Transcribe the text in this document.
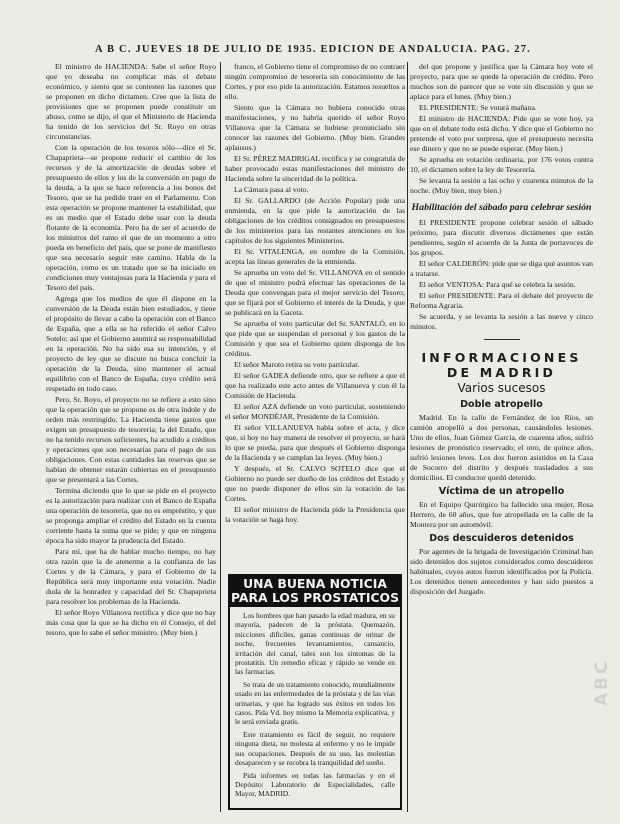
A B C. JUEVES 18 DE JULIO DE 1935. EDICION DE ANDALUCIA. PAG. 27.

El ministro de HACIENDA: Sabe el señor Royo que yo deseaba no complicar más el debate económico, y siento que se contesten las razones que se proponen en dicho dictamen. Cree que la lista de provisiones que se proponen puede constituir un abuso, como se dijo, el que el Ministerio de Hacienda ha tenido de los servicios del Sr. Royo en otras circunstancias.

Con la operación de los tesoros sólo—dice el Sr. Chapaprieta—se propone reducir el cambio de los recursos y de la amortización de deudas sobre el presupuesto de ellos y los de la conversión en pago de la deuda, a la que se hace referencia a los bonos del Tesoro, que se ha pedido traer en el Parlamento. Con esta operación se propone mantener la estabilidad, que es un medio que el Estado debe usar con la deuda flotante de la economía. Pero ha de ser el acuerdo de los ministros del ramo el que de un momento a otro pueda en beneficio del país, que se pone de manifiesto que sea necesario seguir este camino. Habla de la operación, como es un tratado que se ha iniciado en condiciones muy ventajosas para la Hacienda y para el Tesoro del país.

Agrega que los medios de que él dispone en la conversión de la Deuda están bien estudiados, y tiene el propósito de llevar a cabo la operación con el Banco de España, que a ella se ha referido el señor Calvo Sotelo; así que el Gobierno asumirá su responsabilidad en la operación. No ha sido esa su intención, y el proyecto de ley que se discute no busca concluir la operación de la Deuda, sino mantener el actual equilibrio con el Banco de España, cuyo crédito será respetado en todo caso.

Pero, Sr. Royo, el proyecto no se refiere a esto sino que la operación que se propone es de otra índole y de orden más restringido. La Hacienda tiene gastos que exigen un presupuesto de tesorería; la del Estado, que no ha tenido recursos suficientes, ha acudido a créditos y operaciones que son necesarias para el pago de sus obligaciones. Con estas cantidades las reservas que se habían de obtener estarán cubiertas en el presupuesto que se presentará a las Cortes.

Termina diciendo que lo que se pide en el proyecto es la autorización para realizar con el Banco de España una operación de tesorería, que no es empréstito, y que se proponga ampliar el crédito del Estado en la cuenta corriente hasta la suma que se pide; y que en ninguna época ha sido mayor la prudencia del Estado.

Para mí, que ha de hablar mucho tiempo, no hay otra razón que la de atenerme a la confianza de las Cortes y de la Cámara, y para el Gobierno de la República será muy importante esta votación. Nadie duda de la honradez y capacidad del Sr. Chapaprieta para resolver los problemas de la Hacienda.

El señor Royo Villanova rectifica y dice que no hay más cosa que la que se ha dicho en el Consejo, el del tesoro, que lo sabe el señor ministro. (Muy bien.)

franco, el Gobierno tiene el compromiso de no contraer ningún compromiso de tesorería sin conocimiento de las Cortes, y por eso pide la autorización. Estamos resueltos a ello.

Siento que la Cámara no hubiera conocido otras manifestaciones, y no habría querido el señor Royo Villanova que la Cámara se hubiese pronunciado sin conocer las razones del Gobierno. (Muy bien. Grandes aplausos.)

El Sr. PÉREZ MADRIGAL rectifica y se congratula de haber provocado estas manifestaciones del ministro de Hacienda sobre la sinceridad de la política.

La Cámara pasa al voto.

El Sr. GALLARDO (de Acción Popular) pide una enmienda, en la que pide la autorización de las obligaciones de los créditos consignados en presupuestos de los ministerios para las restantes atenciones en los capítulos de los siguientes Ministerios.

El Sr. VITALENGA, en nombre de la Comisión, acepta las líneas generales de la enmienda.

Se aprueba un voto del Sr. VILLANOVA en el sentido de que el ministro podrá efectuar las operaciones de la Deuda que convengan para el mejor servicio del Tesoro; que se fijará por el Gobierno el interés de la Deuda, y que se publicará en la Gaceta.

Se aprueba el voto particular del Sr. SANTALÓ, en lo que pide que se suspendan el personal y los gastos de la Comisión y que sea el Gobierno quien disponga de los créditos.

El señor Maroto retira su voto particular.

El señor GADEA defiende otro, que se refiere a que el que ha realizado este acto antes de Villanueva y con él la Comisión de Hacienda.

El señor AZA defiende un voto particular, sosteniendo el señor MONDÉJAR, Presidente de la Comisión.

El señor VILLANUEVA habla sobre el acta, y dice que, si hoy no hay manera de resolver el proyecto, se hará lo que se pueda, para que después el Gobierno disponga de la Hacienda y se cumplan las leyes. (Muy bien.)

Y después, el Sr. CALVO SOTELO dice que el Gobierno no puede ser dueño de los créditos del Estado y que no puede disponer de ellos sin la votación de las Cortes.

El señor ministro de Hacienda pide la Presidencia que la votación se haga hoy.

UNA BUENA NOTICIA PARA LOS PROSTATICOS

Los hombres que han pasado la edad madura, en su mayoría, padecen de la próstata. Quemazón, micciones difíciles, ganas continuas de orinar de noche, frecuentes levantamientos, cansancio, irritación del canal, tales son los síntomas de la prostatitis. Un remedio eficaz y rápido se vende en las farmacias.

Se trata de un tratamiento conocido, mundialmente usado en las enfermedades de la próstata y de las vías urinarias, y que ha logrado sus éxitos en todos los casos. Pida Vd. hoy mismo la Memoria explicativa, y le será enviada gratis.

Este tratamiento es fácil de seguir, no requiere ninguna dieta, no molesta al enfermo y no le impide sus ocupaciones. Después de su uso, las molestias desaparecen y se recobra la tranquilidad del sueño.

Pida informes en todas las farmacias y en el Depósito: Laboratorio de Especialidades, calle Mayor, MADRID.

del que propone y justifica que la Cámara hoy vote el proyecto, para que se quede la operación de crédito. Pero muchos son de parecer que se vote sin discusión y que se aplace para el lunes. (Muy bien.)

EL PRESIDENTE: Se votará mañana.

El ministro de HACIENDA: Pide que se vote hoy, ya que en el debate todo está dicho. Y dice que el Gobierno no pretende el voto por sorpresa, que el presupuesto necesita ese dinero y que no se puede esperar. (Muy bien.)

Se aprueba en votación ordinaria, por 176 votos contra 10, el dictamen sobre la ley de Tesorería.

Se levanta la sesión a las ocho y cuarenta minutos de la noche. (Muy bien, muy bien.)

Habilitación del sábado para celebrar sesión

El PRESIDENTE propone celebrar sesión el sábado próximo, para discutir diversos dictámenes que están pendientes, según el acuerdo de la Junta de portavoces de los grupos.

El señor CALDERÓN: pide que se diga qué asuntos van a tratarse.

El señor VENTOSA: Para qué se celebra la sesión.

El señor PRESIDENTE: Para el debate del proyecto de Reforma Agraria.

Se acuerda, y se levanta la sesión a las nueve y cinco minutos.

INFORMACIONES DE MADRID
Varios sucesos
Doble atropello

Madrid. En la calle de Fernández de los Ríos, un camión atropelló a dos personas, causándoles lesiones. Uno de ellos, Juan Gómez García, de cuarenta años, sufrió lesiones de pronóstico reservado; el otro, de quince años, sufrió lesiones leves. Los dos fueron asistidos en la Casa de Socorro del distrito y después trasladados a sus domicilios. El conductor quedó detenido.

Víctima de un atropello

En el Equipo Quirúrgico ha fallecido una mujer, Rosa Herrero, de 60 años, que fue atropellada en la calle de la Montera por un automóvil.

Dos descuideros detenidos

Por agentes de la brigada de Investigación Criminal han sido detenidos dos sujetos considerados como descuideros habituales, cuyos autos fueron identificados por la Policía. Los detenidos tienen antecedentes y han sido puestos a disposición del Juzgado.

ABC
